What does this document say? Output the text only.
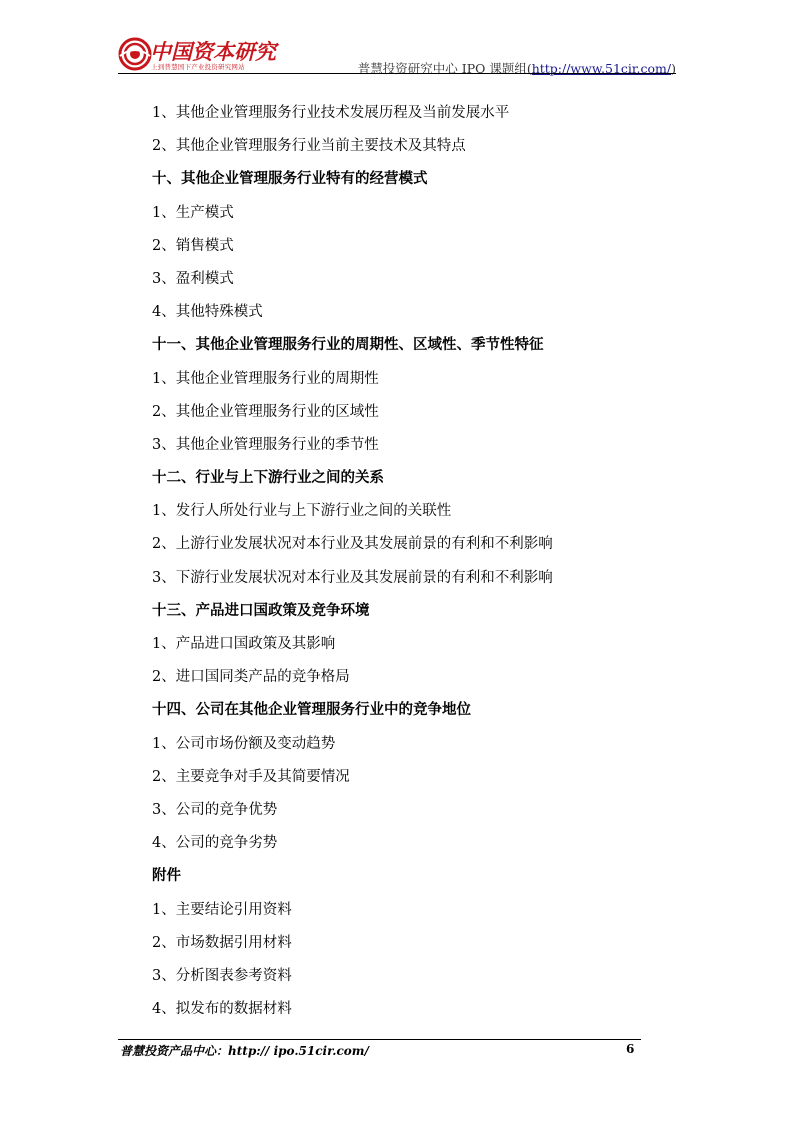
中国资本研究
上到普慧国下产业投资研究网站	普慧投资研究中心 IPO 课题组(http://www.51cir.com/)
1、其他企业管理服务行业技术发展历程及当前发展水平
2、其他企业管理服务行业当前主要技术及其特点
十、其他企业管理服务行业特有的经营模式
1、生产模式
2、销售模式
3、盈利模式
4、其他特殊模式
十一、其他企业管理服务行业的周期性、区域性、季节性特征
1、其他企业管理服务行业的周期性
2、其他企业管理服务行业的区域性
3、其他企业管理服务行业的季节性
十二、行业与上下游行业之间的关系
1、发行人所处行业与上下游行业之间的关联性
2、上游行业发展状况对本行业及其发展前景的有利和不利影响
3、下游行业发展状况对本行业及其发展前景的有利和不利影响
十三、产品进口国政策及竞争环境
1、产品进口国政策及其影响
2、进口国同类产品的竞争格局
十四、公司在其他企业管理服务行业中的竞争地位
1、公司市场份额及变动趋势
2、主要竞争对手及其简要情况
3、公司的竞争优势
4、公司的竞争劣势
附件
1、主要结论引用资料
2、市场数据引用材料
3、分析图表参考资料
4、拟发布的数据材料
普慧投资产品中心：http:// ipo.51cir.com/	6
